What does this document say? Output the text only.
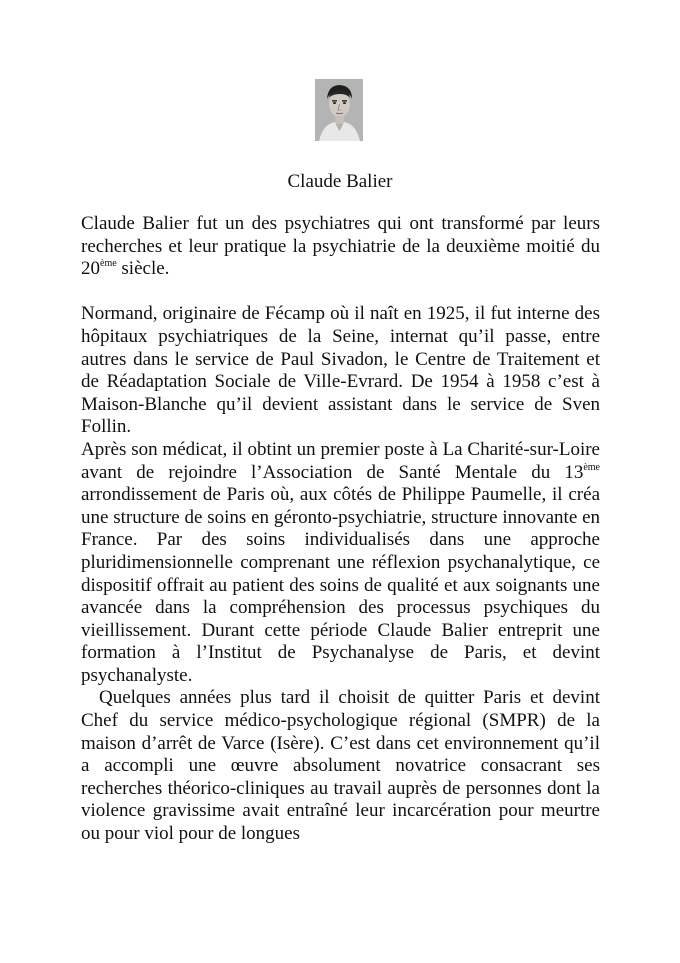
Claude Balier

Claude Balier fut un des psychiatres qui ont transformé par leurs recherches et leur pratique la psychiatrie de la deuxième moitié du 20ème siècle.

Normand, originaire de Fécamp où il naît en 1925, il fut interne des hôpitaux psychiatriques de la Seine, internat qu’il passe, entre autres dans le service de Paul Sivadon, le Centre de Traitement et de Réadaptation Sociale de Ville-Evrard. De 1954 à 1958 c’est à Maison-Blanche qu’il devient assistant dans le service de Sven Follin.

Après son médicat, il obtint un premier poste à La Charité-sur-Loire avant de rejoindre l’Association de Santé Mentale du 13ème arrondissement de Paris où, aux côtés de Philippe Paumelle, il créa une structure de soins en géronto-psychiatrie, structure innovante en France. Par des soins individualisés dans une approche pluridimensionnelle comprenant une réflexion psychanalytique, ce dispositif offrait au patient des soins de qualité et aux soignants une avancée dans la compréhension des processus psychiques du vieillissement. Durant cette période Claude Balier entreprit une formation à l’Institut de Psychanalyse de Paris, et devint psychanalyste.

Quelques années plus tard il choisit de quitter Paris et devint Chef du service médico-psychologique régional (SMPR) de la maison d’arrêt de Varce (Isère). C’est dans cet environnement qu’il a accompli une œuvre absolument novatrice consacrant ses recherches théorico-cliniques au travail auprès de personnes dont la violence gravissime avait entraîné leur incarcération pour meurtre ou pour viol pour de longues
